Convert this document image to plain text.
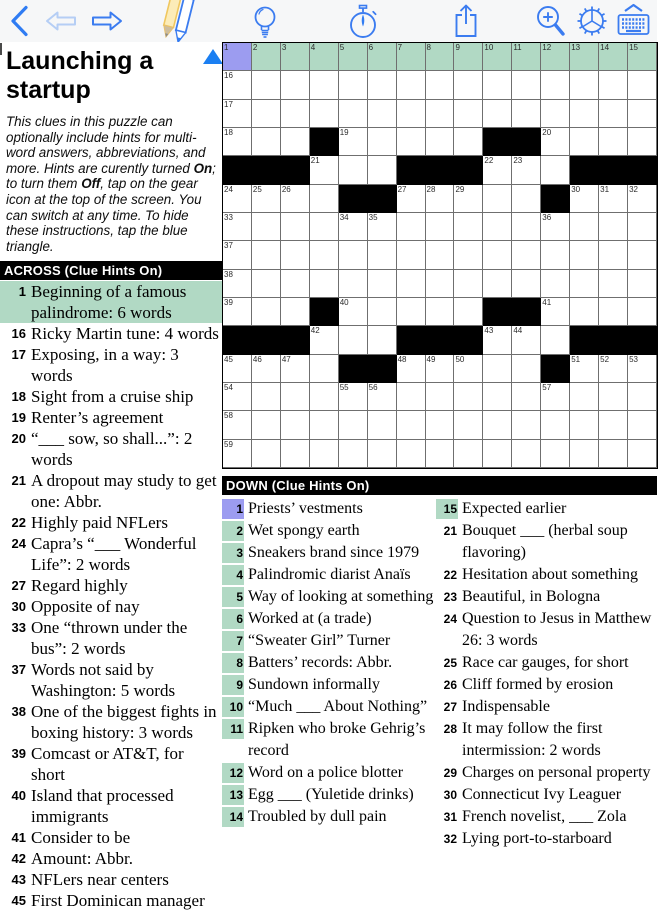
Launching a startup
This clues in this puzzle can optionally include hints for multi-word answers, abbreviations, and more. Hints are curently turned On; to turn them Off, tap on the gear icon at the top of the screen. You can switch at any time. To hide these instructions, tap the blue triangle.
ACROSS (Clue Hints On)
1 Beginning of a famous palindrome: 6 words
16 Ricky Martin tune: 4 words
17 Exposing, in a way: 3 words
18 Sight from a cruise ship
19 Renter’s agreement
20 “___ sow, so shall...”: 2 words
21 A dropout may study to get one: Abbr.
22 Highly paid NFLers
24 Capra’s “___ Wonderful Life”: 2 words
27 Regard highly
30 Opposite of nay
33 One “thrown under the bus”: 2 words
37 Words not said by Washington: 5 words
38 One of the biggest fights in boxing history: 3 words
39 Comcast or AT&T, for short
40 Island that processed immigrants
41 Consider to be
42 Amount: Abbr.
43 NFLers near centers
45 First Dominican manager
1	2	3	4	5	6	7	8	9	10	11	12	13	14	15
16
17
18	19	20
21	22	23
24	25	26	27	28	29	30	31	32
33	34	35	36
37
38
39	40	41
42	43	44
45	46	47	48	49	50	51	52	53
54	55	56	57
58
59
DOWN (Clue Hints On)
1 Priests’ vestments
2 Wet spongy earth
3 Sneakers brand since 1979
4 Palindromic diarist Anaïs
5 Way of looking at something
6 Worked at (a trade)
7 “Sweater Girl” Turner
8 Batters’ records: Abbr.
9 Sundown informally
10 “Much ___ About Nothing”
11 Ripken who broke Gehrig’s record
12 Word on a police blotter
13 Egg ___ (Yuletide drinks)
14 Troubled by dull pain
15 Expected earlier
21 Bouquet ___ (herbal soup flavoring)
22 Hesitation about something
23 Beautiful, in Bologna
24 Question to Jesus in Matthew 26: 3 words
25 Race car gauges, for short
26 Cliff formed by erosion
27 Indispensable
28 It may follow the first intermission: 2 words
29 Charges on personal property
30 Connecticut Ivy Leaguer
31 French novelist, ___ Zola
32 Lying port-to-starboard
